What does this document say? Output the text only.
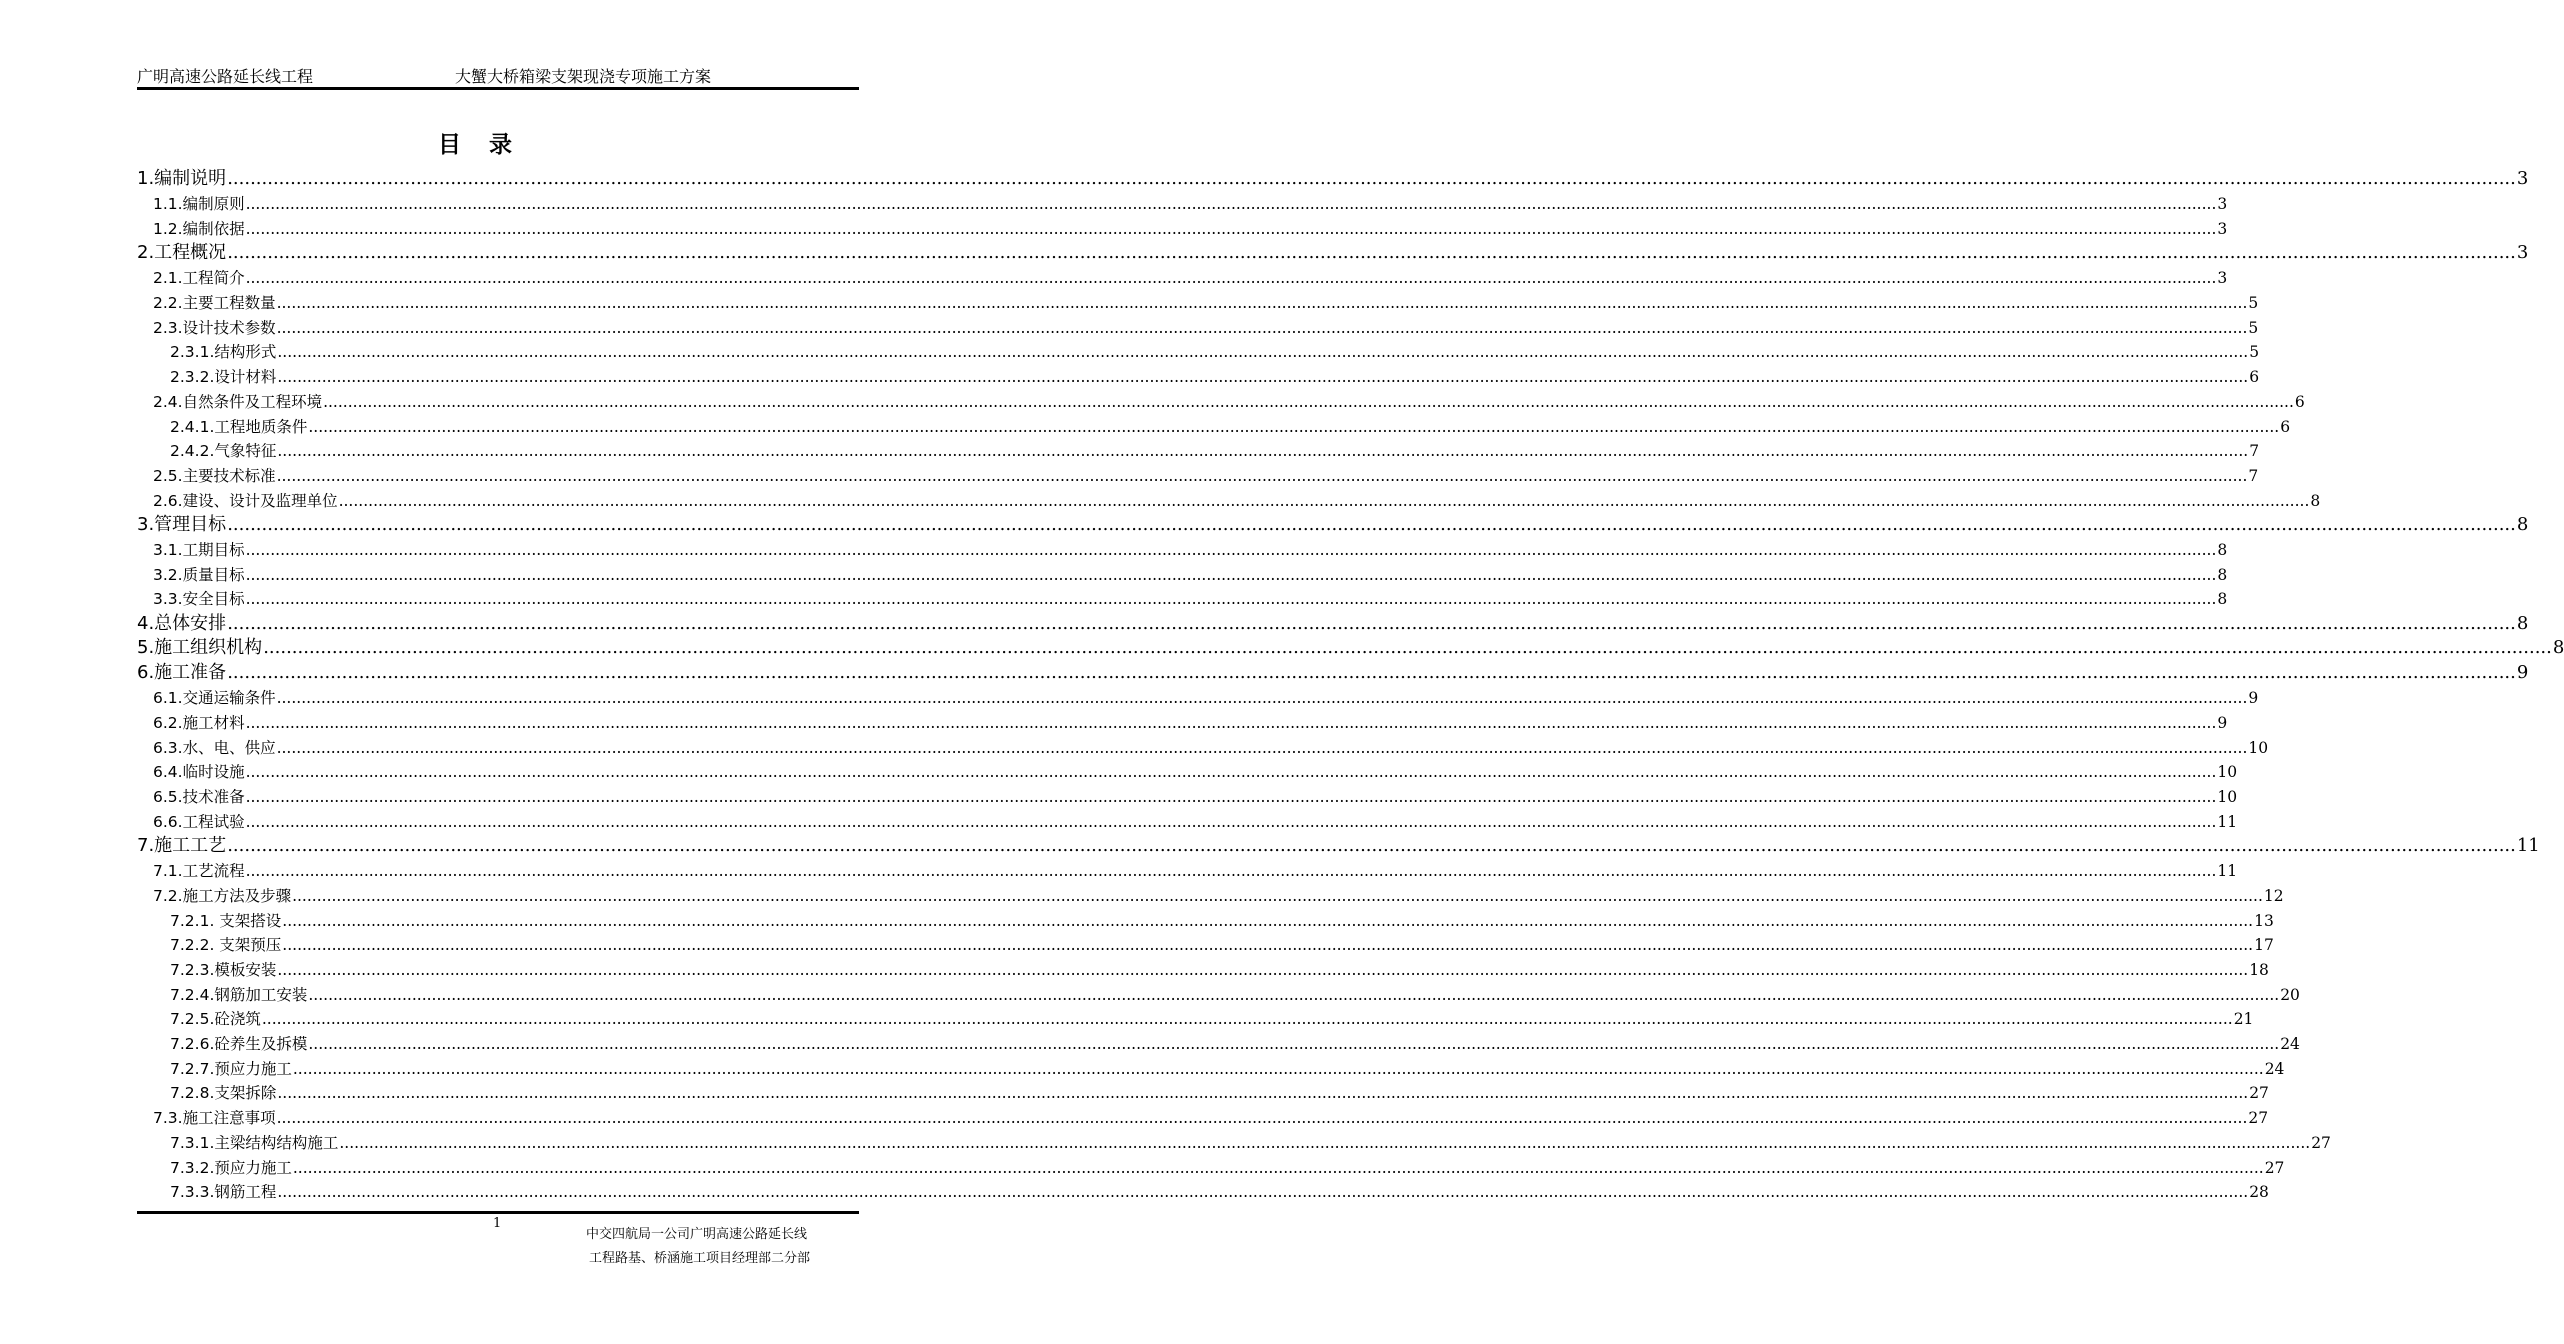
广明高速公路延长线工程	大蟹大桥箱梁支架现浇专项施工方案
目录
1.编制说明 ................................................................................................................................................................................................................................................................................................................................................................................................................ 3
1.1.编制原则 ................................................................................................................................................................................................................................................................................................................................................................................................................ 3
1.2.编制依据 ................................................................................................................................................................................................................................................................................................................................................................................................................ 3
2.工程概况 ................................................................................................................................................................................................................................................................................................................................................................................................................ 3
2.1.工程简介 ................................................................................................................................................................................................................................................................................................................................................................................................................ 3
2.2.主要工程数量 ................................................................................................................................................................................................................................................................................................................................................................................................................ 5
2.3.设计技术参数 ................................................................................................................................................................................................................................................................................................................................................................................................................ 5
2.3.1.结构形式 ................................................................................................................................................................................................................................................................................................................................................................................................................ 5
2.3.2.设计材料 ................................................................................................................................................................................................................................................................................................................................................................................................................ 6
2.4.自然条件及工程环境 ................................................................................................................................................................................................................................................................................................................................................................................................................ 6
2.4.1.工程地质条件 ................................................................................................................................................................................................................................................................................................................................................................................................................ 6
2.4.2.气象特征 ................................................................................................................................................................................................................................................................................................................................................................................................................ 7
2.5.主要技术标准 ................................................................................................................................................................................................................................................................................................................................................................................................................ 7
2.6.建设、设计及监理单位 ................................................................................................................................................................................................................................................................................................................................................................................................................ 8
3.管理目标 ................................................................................................................................................................................................................................................................................................................................................................................................................ 8
3.1.工期目标 ................................................................................................................................................................................................................................................................................................................................................................................................................ 8
3.2.质量目标 ................................................................................................................................................................................................................................................................................................................................................................................................................ 8
3.3.安全目标 ................................................................................................................................................................................................................................................................................................................................................................................................................ 8
4.总体安排 ................................................................................................................................................................................................................................................................................................................................................................................................................ 8
5.施工组织机构 ................................................................................................................................................................................................................................................................................................................................................................................................................ 8
6.施工准备 ................................................................................................................................................................................................................................................................................................................................................................................................................ 9
6.1.交通运输条件 ................................................................................................................................................................................................................................................................................................................................................................................................................ 9
6.2.施工材料 ................................................................................................................................................................................................................................................................................................................................................................................................................ 9
6.3.水、电、供应 ................................................................................................................................................................................................................................................................................................................................................................................................................ 10
6.4.临时设施 ................................................................................................................................................................................................................................................................................................................................................................................................................ 10
6.5.技术准备 ................................................................................................................................................................................................................................................................................................................................................................................................................ 10
6.6.工程试验 ................................................................................................................................................................................................................................................................................................................................................................................................................ 11
7.施工工艺 ................................................................................................................................................................................................................................................................................................................................................................................................................ 11
7.1.工艺流程 ................................................................................................................................................................................................................................................................................................................................................................................................................ 11
7.2.施工方法及步骤 ................................................................................................................................................................................................................................................................................................................................................................................................................ 12
7.2.1. 支架搭设 ................................................................................................................................................................................................................................................................................................................................................................................................................ 13
7.2.2. 支架预压 ................................................................................................................................................................................................................................................................................................................................................................................................................ 17
7.2.3.模板安装 ................................................................................................................................................................................................................................................................................................................................................................................................................ 18
7.2.4.钢筋加工安装 ................................................................................................................................................................................................................................................................................................................................................................................................................ 20
7.2.5.砼浇筑 ................................................................................................................................................................................................................................................................................................................................................................................................................ 21
7.2.6.砼养生及拆模 ................................................................................................................................................................................................................................................................................................................................................................................................................ 24
7.2.7.预应力施工 ................................................................................................................................................................................................................................................................................................................................................................................................................ 24
7.2.8.支架拆除 ................................................................................................................................................................................................................................................................................................................................................................................................................ 27
7.3.施工注意事项 ................................................................................................................................................................................................................................................................................................................................................................................................................ 27
7.3.1.主梁结构结构施工 ................................................................................................................................................................................................................................................................................................................................................................................................................ 27
7.3.2.预应力施工 ................................................................................................................................................................................................................................................................................................................................................................................................................ 27
7.3.3.钢筋工程 ................................................................................................................................................................................................................................................................................................................................................................................................................ 28
1
中交四航局一公司广明高速公路延长线
工程路基、桥涵施工项目经理部二分部
